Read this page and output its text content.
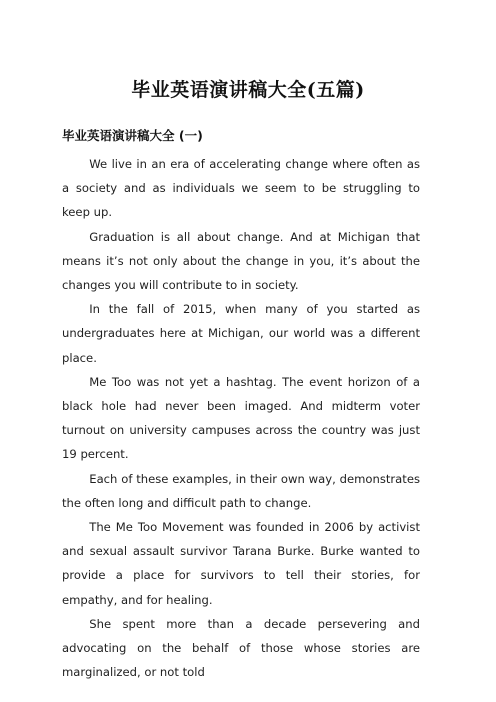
毕业英语演讲稿大全(五篇)
毕业英语演讲稿大全 (一)

We live in an era of accelerating change where often as a society and as individuals we seem to be struggling to keep up.

Graduation is all about change. And at Michigan that means it’s not only about the change in you, it’s about the changes you will contribute to in society.

In the fall of 2015, when many of you started as undergraduates here at Michigan, our world was a different place.

Me Too was not yet a hashtag. The event horizon of a black hole had never been imaged. And midterm voter turnout on university campuses across the country was just 19 percent.

Each of these examples, in their own way, demonstrates the often long and difficult path to change.

The Me Too Movement was founded in 2006 by activist and sexual assault survivor Tarana Burke. Burke wanted to provide a place for survivors to tell their stories, for empathy, and for healing.

She spent more than a decade persevering and advocating on the behalf of those whose stories are marginalized, or not told
